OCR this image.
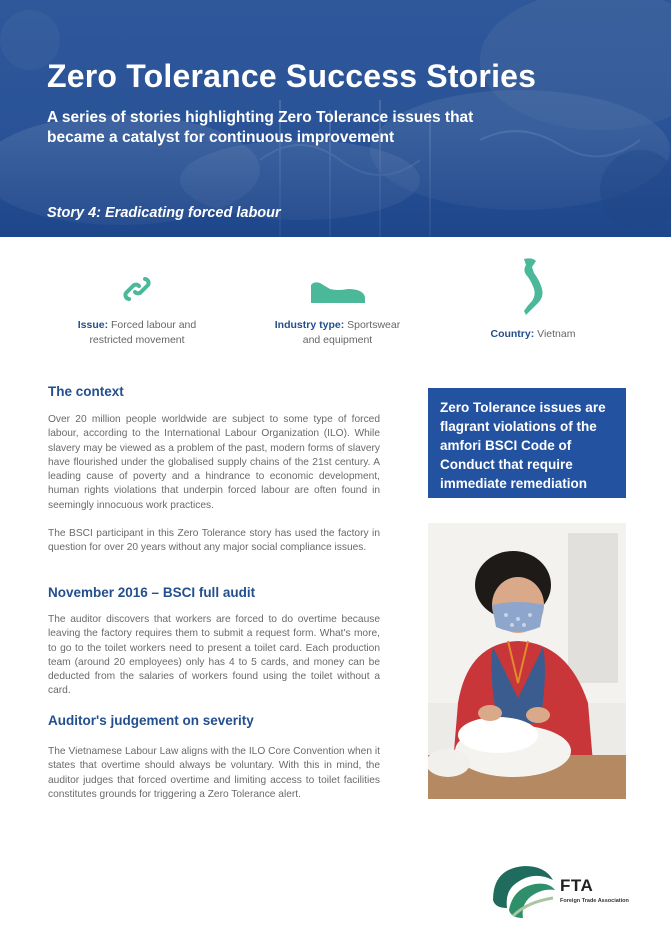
Zero Tolerance Success Stories
A series of stories highlighting Zero Tolerance issues that became a catalyst for continuous improvement
Story 4: Eradicating forced labour
Issue: Forced labour and restricted movement
Industry type: Sportswear and equipment	Country: Vietnam
The context

Over 20 million people worldwide are subject to some type of forced labour, according to the International Labour Organization (ILO). While slavery may be viewed as a problem of the past, modern forms of slavery have flourished under the globalised supply chains of the 21st century. A leading cause of poverty and a hindrance to economic development, human rights violations that underpin forced labour are often found in seemingly innocuous work practices.

The BSCI participant in this Zero Tolerance story has used the factory in question for over 20 years without any major social compliance issues.

November 2016 – BSCI full audit

The auditor discovers that workers are forced to do overtime because leaving the factory requires them to submit a request form. What's more, to go to the toilet workers need to present a toilet card. Each production team (around 20 employees) only has 4 to 5 cards, and money can be deducted from the salaries of workers found using the toilet without a card.

Auditor's judgement on severity

The Vietnamese Labour Law aligns with the ILO Core Convention when it states that overtime should always be voluntary. With this in mind, the auditor judges that forced overtime and limiting access to toilet facilities constitutes grounds for triggering a Zero Tolerance alert.

Zero Tolerance issues are flagrant violations of the amfori BSCI Code of Conduct that require immediate remediation
FTA
Foreign Trade Association
